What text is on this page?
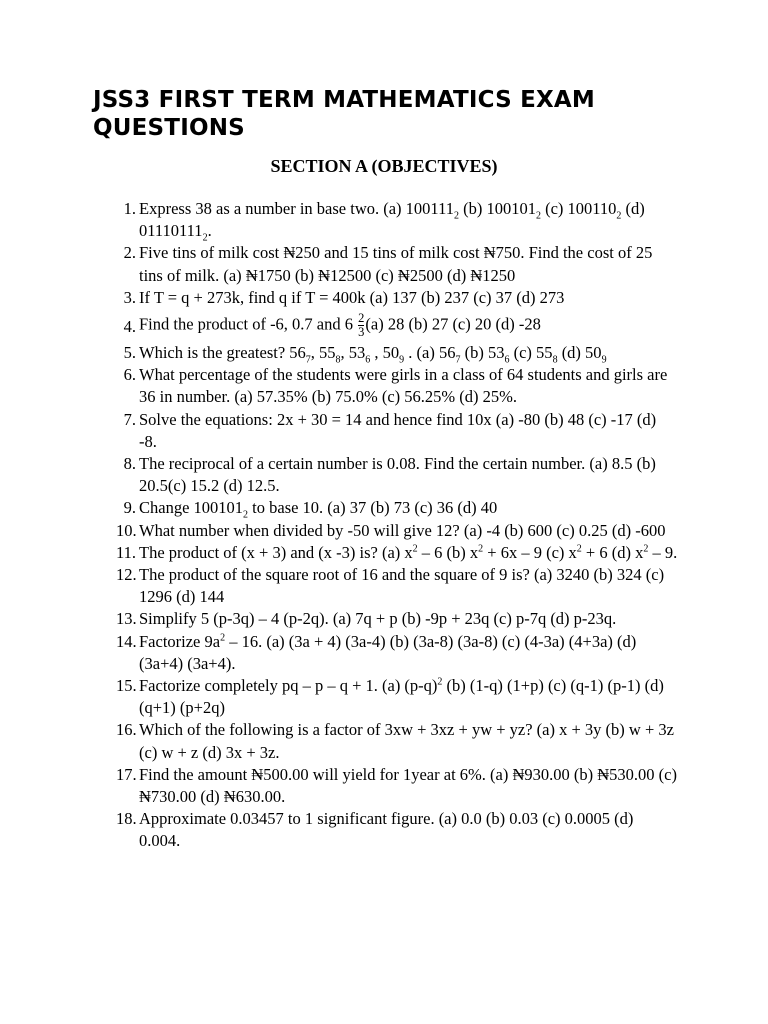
JSS3 FIRST TERM MATHEMATICS EXAM QUESTIONS
SECTION A (OBJECTIVES)
1. Express 38 as a number in base two. (a) $100111_2$ (b) $100101_2$ (c) $100110_2$ (d) $01110111_2$.
2. Five tins of milk cost ₦250 and 15 tins of milk cost ₦750. Find the cost of 25 tins of milk. (a) ₦1750 (b) ₦12500 (c) ₦2500 (d) ₦1250
3. If T = q + 273k, find q if T = 400k (a) 137 (b) 237 (c) 37 (d) 273
4. Find the product of -6, 0.7 and $6 \frac{2}{3} (a)$ 28 (b) 27 (c) 20 (d) -28
5. Which is the greatest? $56_7$, $55_8$, $53_6$ , $50_9$ . (a) $56_7$ (b) $53_6$ (c) $55_8$ (d) $50_9$
6. What percentage of the students were girls in a class of 64 students and girls are 36 in number. (a) 57.35% (b) 75.0% (c) 56.25% (d) 25%.
7. Solve the equations: 2x + 30 = 14 and hence find 10x (a) -80 (b) 48 (c) -17 (d) -8.
8. The reciprocal of a certain number is 0.08. Find the certain number. (a) 8.5 (b) 20.5(c) 15.2 (d) 12.5.
9. Change $100101_2$ to base 10. (a) 37 (b) 73 (c) 36 (d) 40
10. What number when divided by -50 will give 12? (a) -4 (b) 600 (c) 0.25 (d) -600
11. The product of (x + 3) and (x -3) is? (a) $x^2 - 6$ (b) $x^2 + 6x - 9$ (c) $x^2 + 6$ (d) $x^2 - 9$.
12. The product of the square root of 16 and the square of 9 is? (a) 3240 (b) 324 (c) 1296 (d) 144
13. Simplify 5 (p-3q) – 4 (p-2q). (a) 7q + p (b) -9p + 23q (c) p-7q (d) p-23q.
14. Factorize $9a^2 - 16$. (a) (3a + 4) (3a-4) (b) (3a-8) (3a-8) (c) (4-3a) (4+3a) (d) (3a+4) (3a+4).
15. Factorize completely pq – p – q + 1. (a) $(p-q)^2$ (b) (1-q) (1+p) (c) (q-1) (p-1) (d) (q+1) (p+2q)
16. Which of the following is a factor of 3xw + 3xz + yw + yz? (a) x + 3y (b) w + 3z (c) w + z (d) 3x + 3z.
17. Find the amount ₦500.00 will yield for 1year at 6%. (a) ₦930.00 (b) ₦530.00 (c) ₦730.00 (d) ₦630.00.
18. Approximate 0.03457 to 1 significant figure. (a) 0.0 (b) 0.03 (c) 0.0005 (d) 0.004.
